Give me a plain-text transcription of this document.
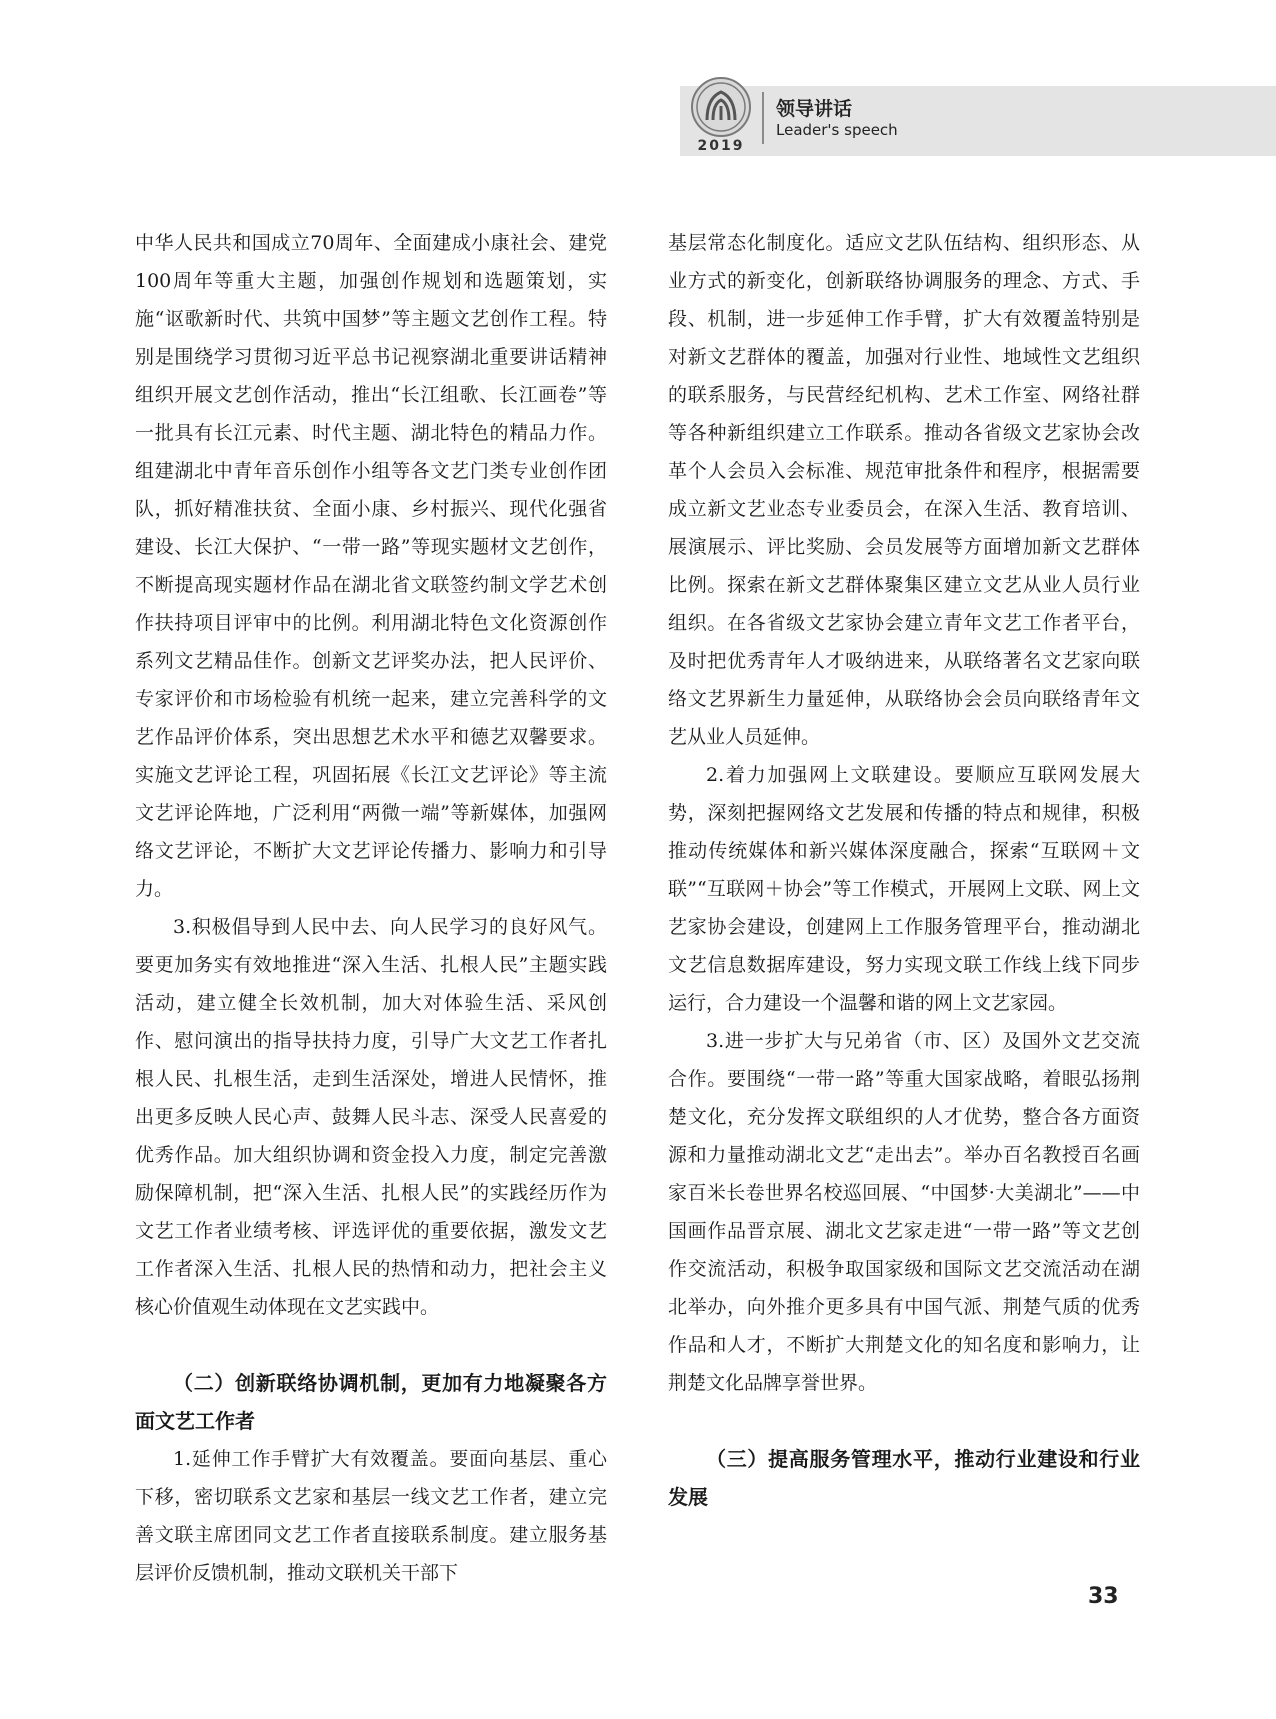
2019
领导讲话
Leader's speech

中华人民共和国成立70周年、全面建成小康社会、建党100周年等重大主题，加强创作规划和选题策划，实施“讴歌新时代、共筑中国梦”等主题文艺创作工程。特别是围绕学习贯彻习近平总书记视察湖北重要讲话精神组织开展文艺创作活动，推出“长江组歌、长江画卷”等一批具有长江元素、时代主题、湖北特色的精品力作。组建湖北中青年音乐创作小组等各文艺门类专业创作团队，抓好精准扶贫、全面小康、乡村振兴、现代化强省建设、长江大保护、“一带一路”等现实题材文艺创作，不断提高现实题材作品在湖北省文联签约制文学艺术创作扶持项目评审中的比例。利用湖北特色文化资源创作系列文艺精品佳作。创新文艺评奖办法，把人民评价、专家评价和市场检验有机统一起来，建立完善科学的文艺作品评价体系，突出思想艺术水平和德艺双馨要求。实施文艺评论工程，巩固拓展《长江文艺评论》等主流文艺评论阵地，广泛利用“两微一端”等新媒体，加强网络文艺评论，不断扩大文艺评论传播力、影响力和引导力。

3.积极倡导到人民中去、向人民学习的良好风气。要更加务实有效地推进“深入生活、扎根人民”主题实践活动，建立健全长效机制，加大对体验生活、采风创作、慰问演出的指导扶持力度，引导广大文艺工作者扎根人民、扎根生活，走到生活深处，增进人民情怀，推出更多反映人民心声、鼓舞人民斗志、深受人民喜爱的优秀作品。加大组织协调和资金投入力度，制定完善激励保障机制，把“深入生活、扎根人民”的实践经历作为文艺工作者业绩考核、评选评优的重要依据，激发文艺工作者深入生活、扎根人民的热情和动力，把社会主义核心价值观生动体现在文艺实践中。

（二）创新联络协调机制，更加有力地凝聚各方面文艺工作者

1.延伸工作手臂扩大有效覆盖。要面向基层、重心下移，密切联系文艺家和基层一线文艺工作者，建立完善文联主席团同文艺工作者直接联系制度。建立服务基层评价反馈机制，推动文联机关干部下

基层常态化制度化。适应文艺队伍结构、组织形态、从业方式的新变化，创新联络协调服务的理念、方式、手段、机制，进一步延伸工作手臂，扩大有效覆盖特别是对新文艺群体的覆盖，加强对行业性、地域性文艺组织的联系服务，与民营经纪机构、艺术工作室、网络社群等各种新组织建立工作联系。推动各省级文艺家协会改革个人会员入会标准、规范审批条件和程序，根据需要成立新文艺业态专业委员会，在深入生活、教育培训、展演展示、评比奖励、会员发展等方面增加新文艺群体比例。探索在新文艺群体聚集区建立文艺从业人员行业组织。在各省级文艺家协会建立青年文艺工作者平台，及时把优秀青年人才吸纳进来，从联络著名文艺家向联络文艺界新生力量延伸，从联络协会会员向联络青年文艺从业人员延伸。

2.着力加强网上文联建设。要顺应互联网发展大势，深刻把握网络文艺发展和传播的特点和规律，积极推动传统媒体和新兴媒体深度融合，探索“互联网＋文联”“互联网＋协会”等工作模式，开展网上文联、网上文艺家协会建设，创建网上工作服务管理平台，推动湖北文艺信息数据库建设，努力实现文联工作线上线下同步运行，合力建设一个温馨和谐的网上文艺家园。

3.进一步扩大与兄弟省（市、区）及国外文艺交流合作。要围绕“一带一路”等重大国家战略，着眼弘扬荆楚文化，充分发挥文联组织的人才优势，整合各方面资源和力量推动湖北文艺“走出去”。举办百名教授百名画家百米长卷世界名校巡回展、“中国梦·大美湖北”——中国画作品晋京展、湖北文艺家走进“一带一路”等文艺创作交流活动，积极争取国家级和国际文艺交流活动在湖北举办，向外推介更多具有中国气派、荆楚气质的优秀作品和人才，不断扩大荆楚文化的知名度和影响力，让荆楚文化品牌享誉世界。

（三）提高服务管理水平，推动行业建设和行业发展
33
